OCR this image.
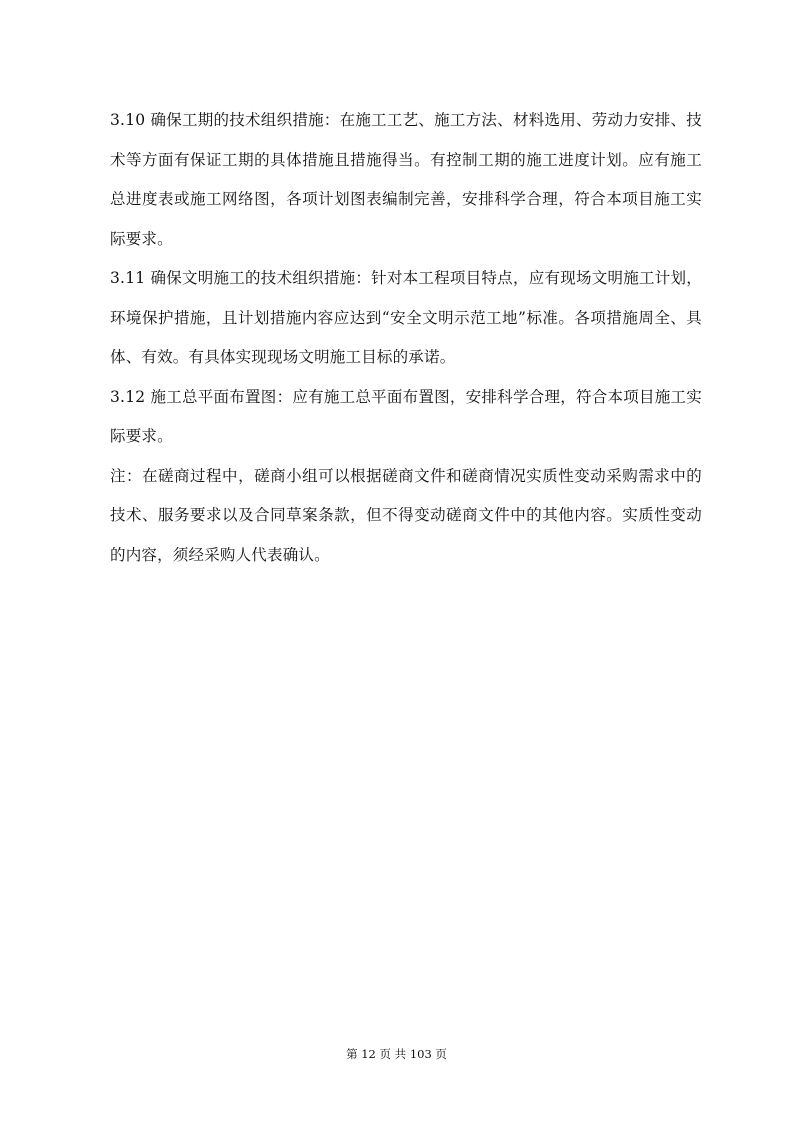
3.10 确保工期的技术组织措施：在施工工艺、施工方法、材料选用、劳动力安排、技术等方面有保证工期的具体措施且措施得当。有控制工期的施工进度计划。应有施工总进度表或施工网络图，各项计划图表编制完善，安排科学合理，符合本项目施工实际要求。

3.11 确保文明施工的技术组织措施：针对本工程项目特点，应有现场文明施工计划，环境保护措施，且计划措施内容应达到“安全文明示范工地”标准。各项措施周全、具体、有效。有具体实现现场文明施工目标的承诺。

3.12 施工总平面布置图：应有施工总平面布置图，安排科学合理，符合本项目施工实际要求。

注：在磋商过程中，磋商小组可以根据磋商文件和磋商情况实质性变动采购需求中的技术、服务要求以及合同草案条款，但不得变动磋商文件中的其他内容。实质性变动的内容，须经采购人代表确认。

第 12 页 共 103 页
